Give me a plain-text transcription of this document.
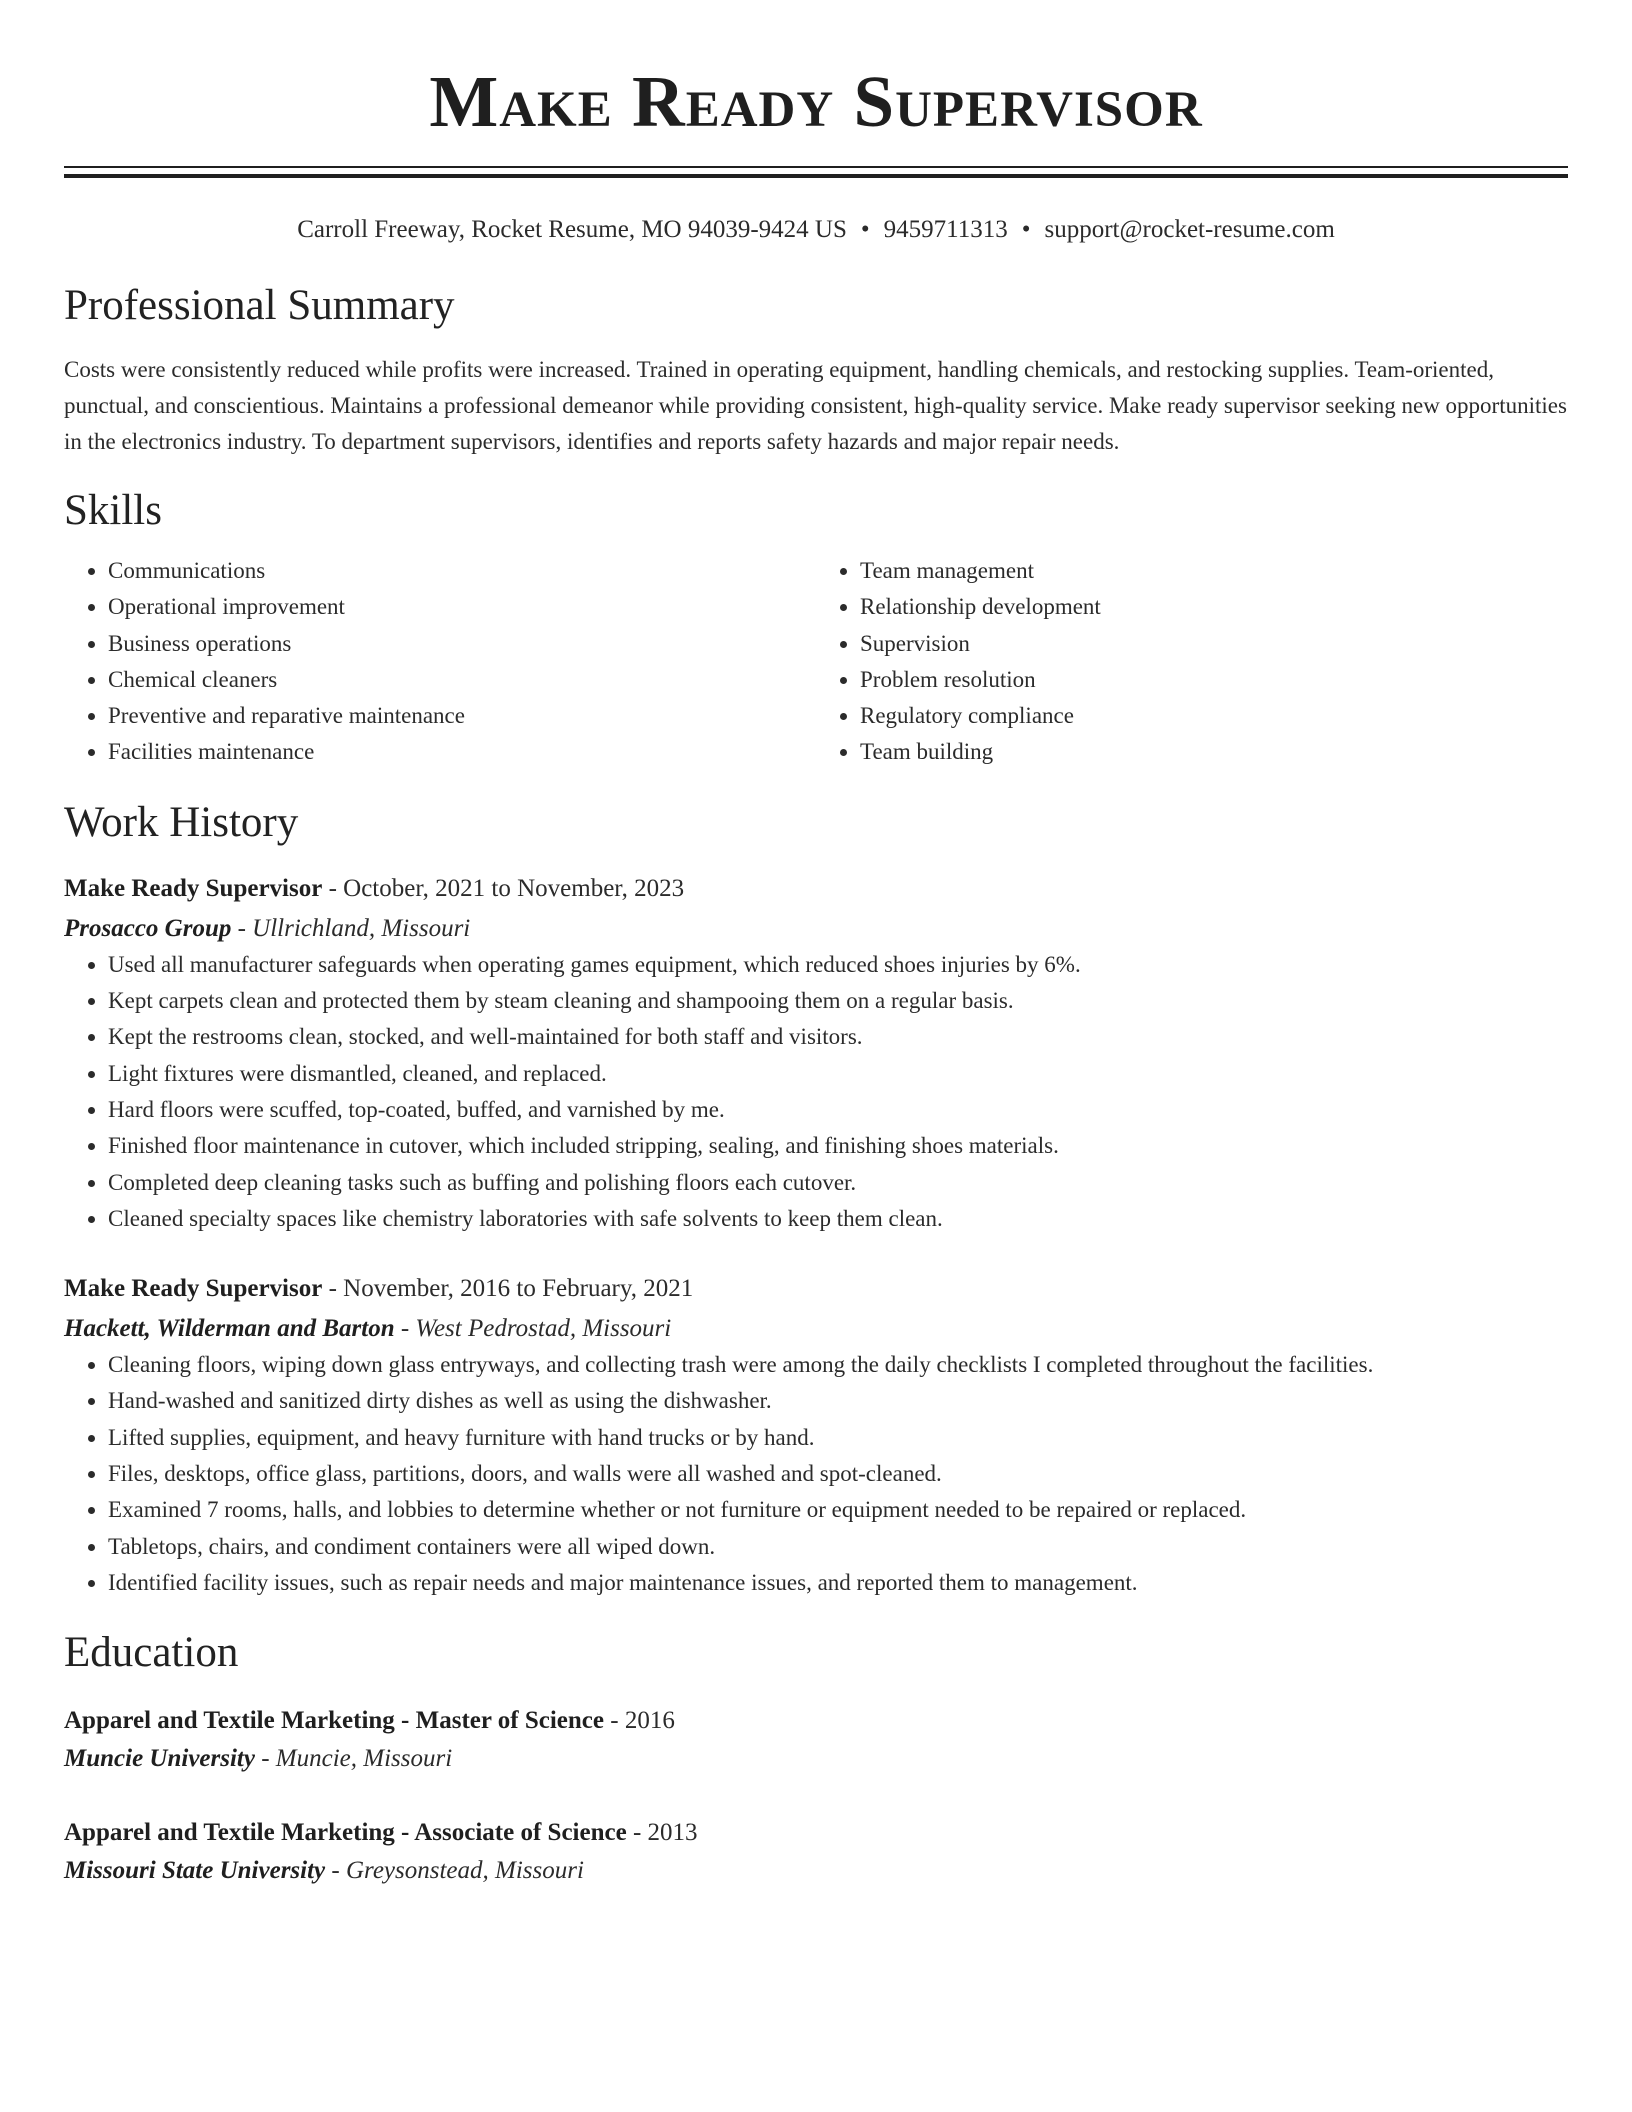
Make Ready Supervisor
Carroll Freeway, Rocket Resume, MO 94039-9424 US • 9459711313 • support@rocket-resume.com
Professional Summary

Costs were consistently reduced while profits were increased. Trained in operating equipment, handling chemicals, and restocking supplies. Team-oriented, punctual, and conscientious. Maintains a professional demeanor while providing consistent, high-quality service. Make ready supervisor seeking new opportunities in the electronics industry. To department supervisors, identifies and reports safety hazards and major repair needs.

Skills
• Communications
• Operational improvement
• Business operations
• Chemical cleaners
• Preventive and reparative maintenance
• Facilities maintenance
• Team management
• Relationship development
• Supervision
• Problem resolution
• Regulatory compliance
• Team building
Work History

Make Ready Supervisor - October, 2021 to November, 2023

Prosacco Group - Ullrichland, Missouri

• Used all manufacturer safeguards when operating games equipment, which reduced shoes injuries by 6%.
• Kept carpets clean and protected them by steam cleaning and shampooing them on a regular basis.
• Kept the restrooms clean, stocked, and well-maintained for both staff and visitors.
• Light fixtures were dismantled, cleaned, and replaced.
• Hard floors were scuffed, top-coated, buffed, and varnished by me.
• Finished floor maintenance in cutover, which included stripping, sealing, and finishing shoes materials.
• Completed deep cleaning tasks such as buffing and polishing floors each cutover.
• Cleaned specialty spaces like chemistry laboratories with safe solvents to keep them clean.

Make Ready Supervisor - November, 2016 to February, 2021

Hackett, Wilderman and Barton - West Pedrostad, Missouri

• Cleaning floors, wiping down glass entryways, and collecting trash were among the daily checklists I completed throughout the facilities.
• Hand-washed and sanitized dirty dishes as well as using the dishwasher.
• Lifted supplies, equipment, and heavy furniture with hand trucks or by hand.
• Files, desktops, office glass, partitions, doors, and walls were all washed and spot-cleaned.
• Examined 7 rooms, halls, and lobbies to determine whether or not furniture or equipment needed to be repaired or replaced.
• Tabletops, chairs, and condiment containers were all wiped down.
• Identified facility issues, such as repair needs and major maintenance issues, and reported them to management.
Education

Apparel and Textile Marketing - Master of Science - 2016

Muncie University - Muncie, Missouri

Apparel and Textile Marketing - Associate of Science - 2013

Missouri State University - Greysonstead, Missouri
